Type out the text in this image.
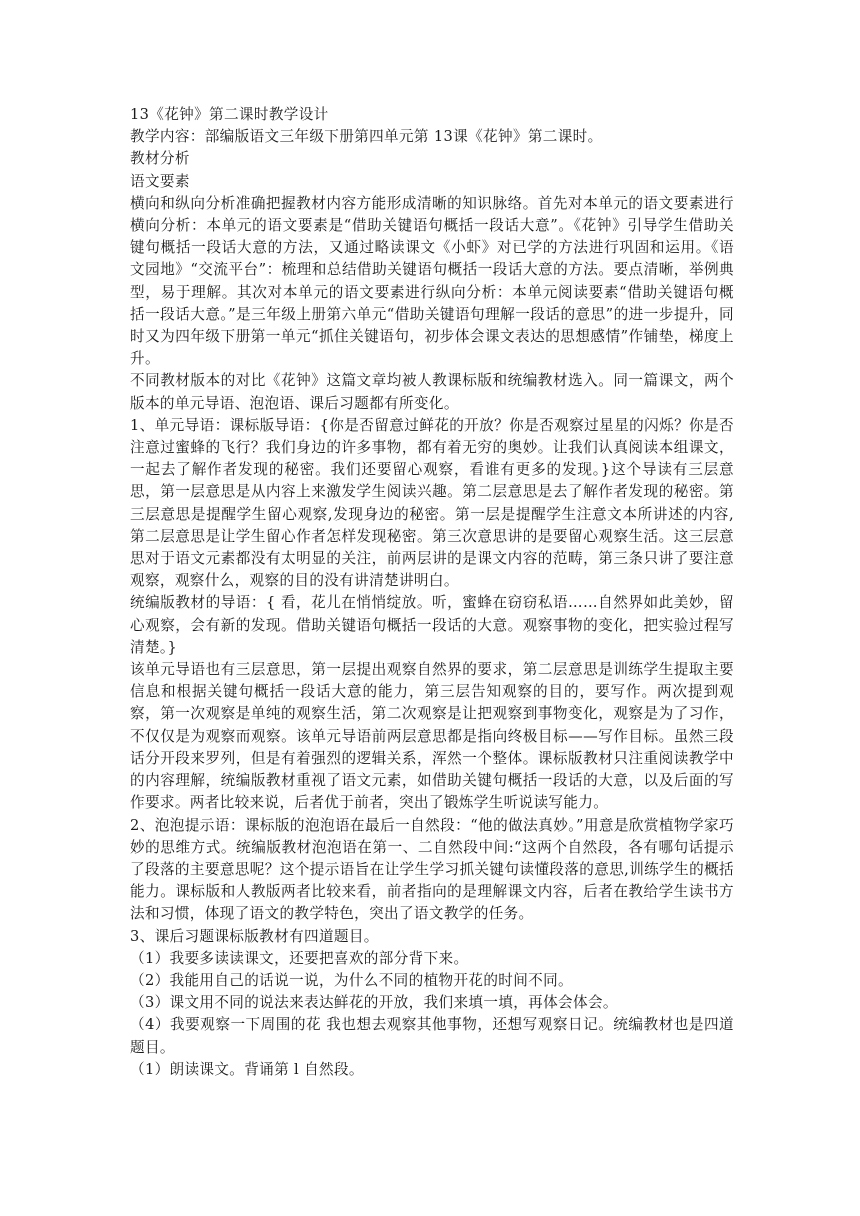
13《花钟》第二课时教学设计

教学内容：部编版语文三年级下册第四单元第 13课《花钟》第二课时。

教材分析

语文要素

横向和纵向分析准确把握教材内容方能形成清晰的知识脉络。首先对本单元的语文要素进行横向分析：本单元的语文要素是“借助关键语句概括一段话大意”。《花钟》引导学生借助关键句概括一段话大意的方法，又通过略读课文《小虾》对已学的方法进行巩固和运用。《语文园地》“交流平台”：梳理和总结借助关键语句概括一段话大意的方法。要点清晰，举例典型，易于理解。其次对本单元的语文要素进行纵向分析：本单元阅读要素“借助关键语句概括一段话大意。”是三年级上册第六单元“借助关键语句理解一段话的意思”的进一步提升，同时又为四年级下册第一单元“抓住关键语句，初步体会课文表达的思想感情”作铺垫，梯度上升。

不同教材版本的对比《花钟》这篇文章均被人教课标版和统编教材选入。同一篇课文，两个版本的单元导语、泡泡语、课后习题都有所变化。

1、单元导语：课标版导语：{你是否留意过鲜花的开放？你是否观察过星星的闪烁？你是否注意过蜜蜂的飞行？我们身边的许多事物，都有着无穷的奥妙。让我们认真阅读本组课文，一起去了解作者发现的秘密。我们还要留心观察，看谁有更多的发现。}这个导读有三层意思，第一层意思是从内容上来激发学生阅读兴趣。第二层意思是去了解作者发现的秘密。第三层意思是提醒学生留心观察,发现身边的秘密。第一层是提醒学生注意文本所讲述的内容,第二层意思是让学生留心作者怎样发现秘密。第三次意思讲的是要留心观察生活。这三层意思对于语文元素都没有太明显的关注，前两层讲的是课文内容的范畴，第三条只讲了要注意观察，观察什么，观察的目的没有讲清楚讲明白。

统编版教材的导语：{ 看，花儿在悄悄绽放。听，蜜蜂在窃窃私语……自然界如此美妙，留心观察，会有新的发现。借助关键语句概括一段话的大意。观察事物的变化，把实验过程写清楚。}

该单元导语也有三层意思，第一层提出观察自然界的要求，第二层意思是训练学生提取主要信息和根据关键句概括一段话大意的能力，第三层告知观察的目的，要写作。两次提到观察，第一次观察是单纯的观察生活，第二次观察是让把观察到事物变化，观察是为了习作，不仅仅是为观察而观察。该单元导语前两层意思都是指向终极目标——写作目标。虽然三段话分开段来罗列，但是有着强烈的逻辑关系，浑然一个整体。课标版教材只注重阅读教学中的内容理解，统编版教材重视了语文元素，如借助关键句概括一段话的大意，以及后面的写作要求。两者比较来说，后者优于前者，突出了锻炼学生听说读写能力。

2、泡泡提示语：课标版的泡泡语在最后一自然段：“他的做法真妙。”用意是欣赏植物学家巧妙的思维方式。统编版教材泡泡语在第一、二自然段中间:“这两个自然段，各有哪句话提示了段落的主要意思呢？这个提示语旨在让学生学习抓关键句读懂段落的意思,训练学生的概括能力。课标版和人教版两者比较来看，前者指向的是理解课文内容，后者在教给学生读书方法和习惯，体现了语文的教学特色，突出了语文教学的任务。

3、课后习题课标版教材有四道题目。

（1）我要多读读课文，还要把喜欢的部分背下来。

（2）我能用自己的话说一说，为什么不同的植物开花的时间不同。

（3）课文用不同的说法来表达鲜花的开放，我们来填一填，再体会体会。

（4）我要观察一下周围的花 我也想去观察其他事物，还想写观察日记。统编教材也是四道题目。

（1）朗读课文。背诵第 l 自然段。
